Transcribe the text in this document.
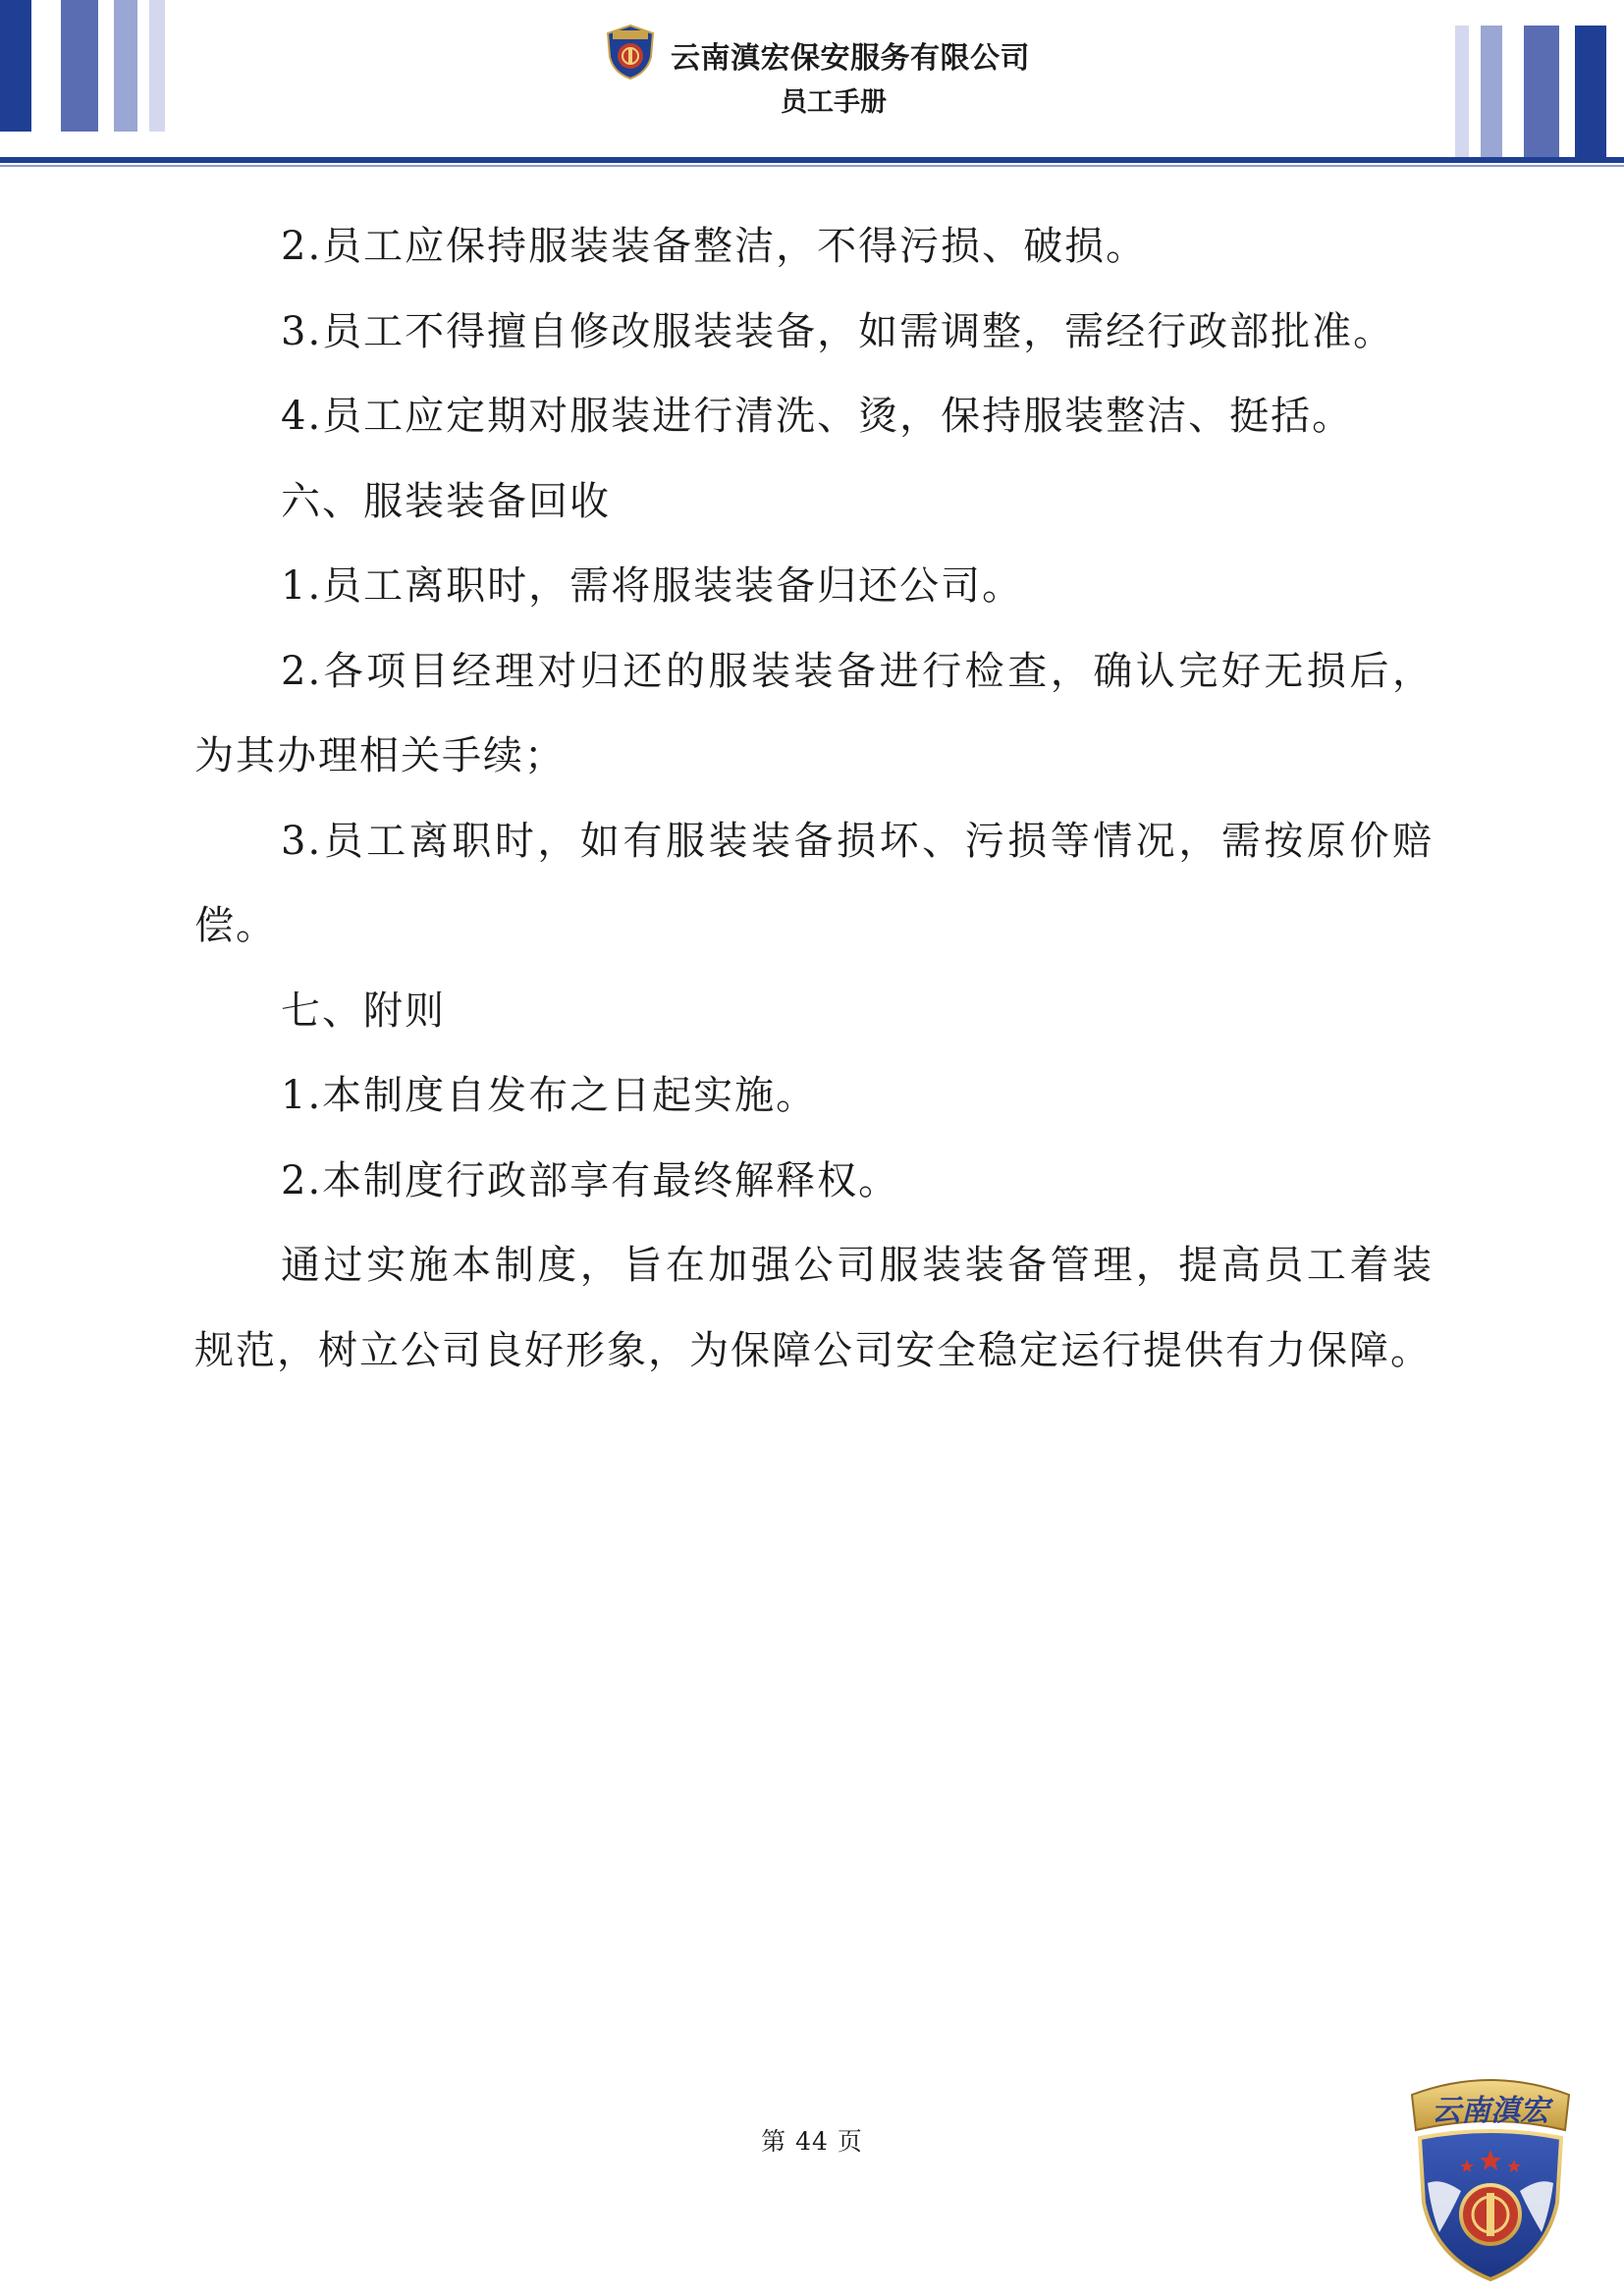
云南滇宏保安服务有限公司
员工手册

2.员工应保持服装装备整洁，不得污损、破损。

3.员工不得擅自修改服装装备，如需调整，需经行政部批准。

4.员工应定期对服装进行清洗、烫，保持服装整洁、挺括。

六、服装装备回收

1.员工离职时，需将服装装备归还公司。

2.各项目经理对归还的服装装备进行检查，确认完好无损后，为其办理相关手续；

3.员工离职时，如有服装装备损坏、污损等情况，需按原价赔偿。

七、附则

1.本制度自发布之日起实施。

2.本制度行政部享有最终解释权。

通过实施本制度，旨在加强公司服装装备管理，提高员工着装规范，树立公司良好形象，为保障公司安全稳定运行提供有力保障。

第 44 页
云南滇宏
